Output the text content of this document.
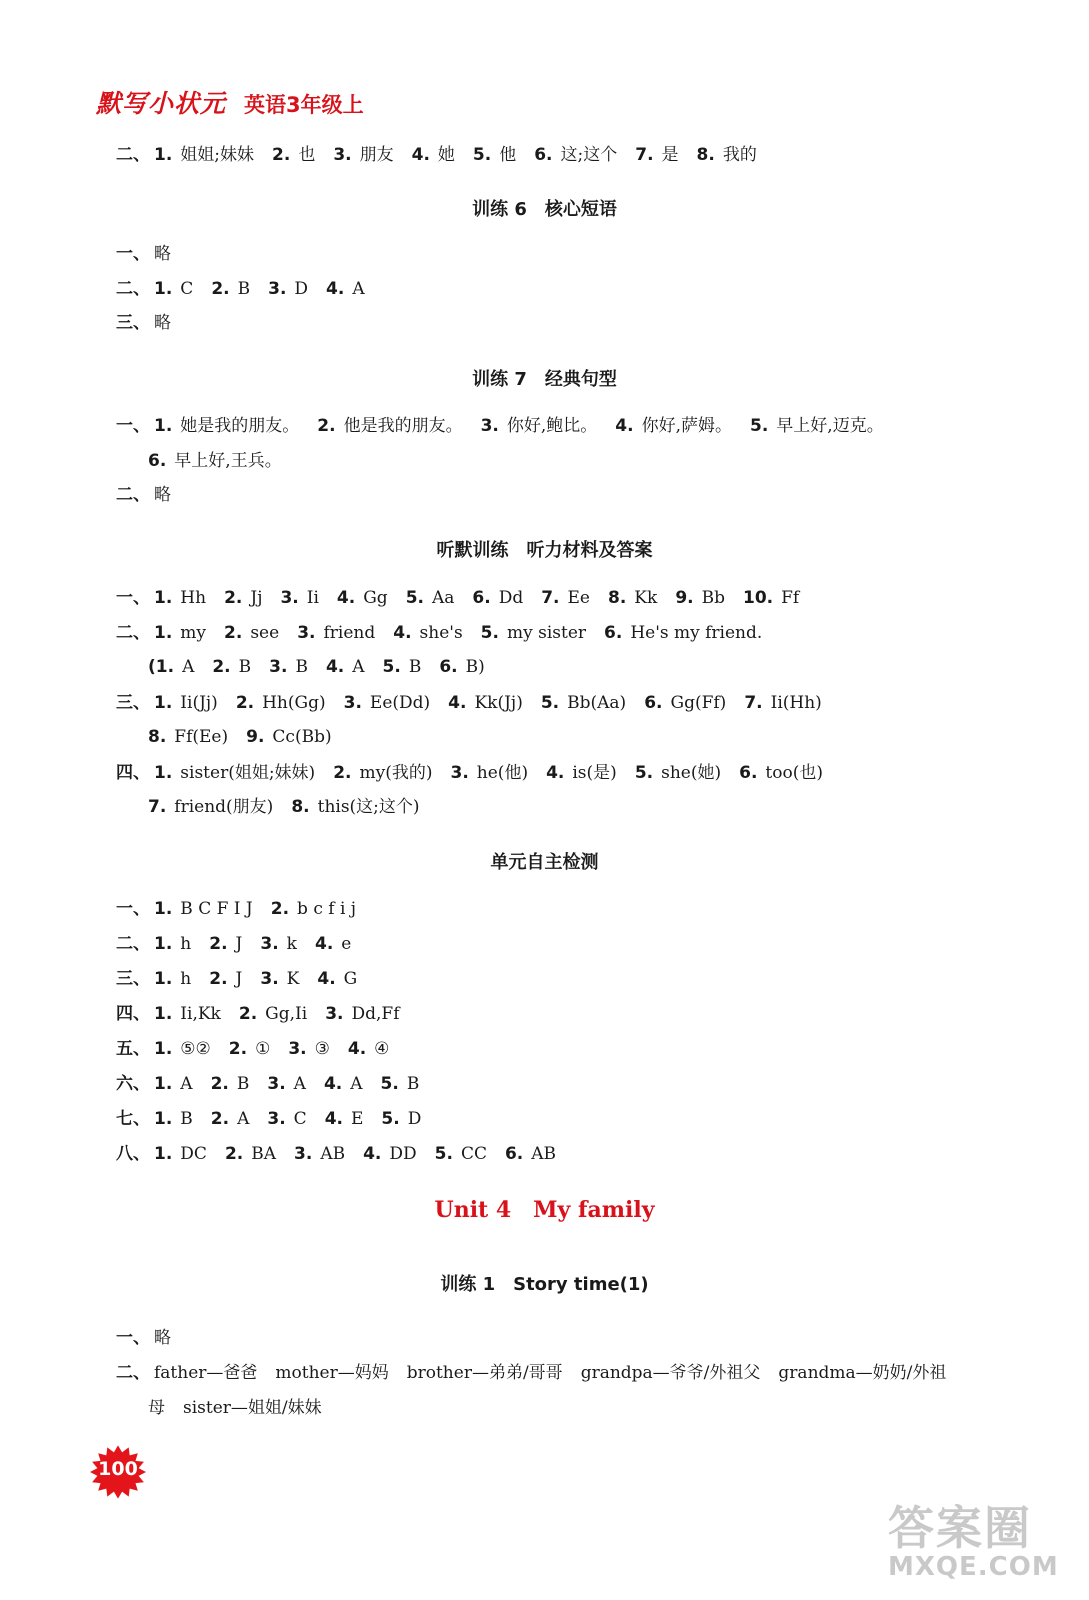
默写小状元 英语3年级上
二、 1. 姐姐;妹妹 2. 也 3. 朋友 4. 她 5. 他 6. 这;这个 7. 是 8. 我的
一、 略
二、 1. C 2. B 3. D 4. A
三、 略
一、 1. 她是我的朋友。 2. 他是我的朋友。 3. 你好,鲍比。 4. 你好,萨姆。 5. 早上好,迈克。
6. 早上好,王兵。
二、 略
一、 1. Hh 2. Jj 3. Ii 4. Gg 5. Aa 6. Dd 7. Ee 8. Kk 9. Bb 10. Ff
二、 1. my 2. see 3. friend 4. she's 5. my sister 6. He's my friend.
(1. A 2. B 3. B 4. A 5. B 6. B)
三、 1. Ii(Jj) 2. Hh(Gg) 3. Ee(Dd) 4. Kk(Jj) 5. Bb(Aa) 6. Gg(Ff) 7. Ii(Hh)
8. Ff(Ee) 9. Cc(Bb)
四、 1. sister(姐姐;妹妹) 2. my(我的) 3. he(他) 4. is(是) 5. she(她) 6. too(也)
7. friend(朋友) 8. this(这;这个)
一、 1. B C F I J 2. b c f i j
二、 1. h 2. J 3. k 4. e
三、 1. h 2. J 3. K 4. G
四、 1. Ii,Kk 2. Gg,Ii 3. Dd,Ff
五、 1. ⑤② 2. ① 3. ③ 4. ④
六、 1. A 2. B 3. A 4. A 5. B
七、 1. B 2. A 3. C 4. E 5. D
八、 1. DC 2. BA 3. AB 4. DD 5. CC 6. AB
一、 略
二、 father—爸爸 mother—妈妈 brother—弟弟/哥哥 grandpa—爷爷/外祖父 grandma—奶奶/外祖
母 sister—姐姐/妹妹
训练 6　核心短语
训练 7　经典句型
听默训练　听力材料及答案
单元自主检测
训练 1　Story time(1)
Unit 4　My family
100
答案圈
MXQE.COM
